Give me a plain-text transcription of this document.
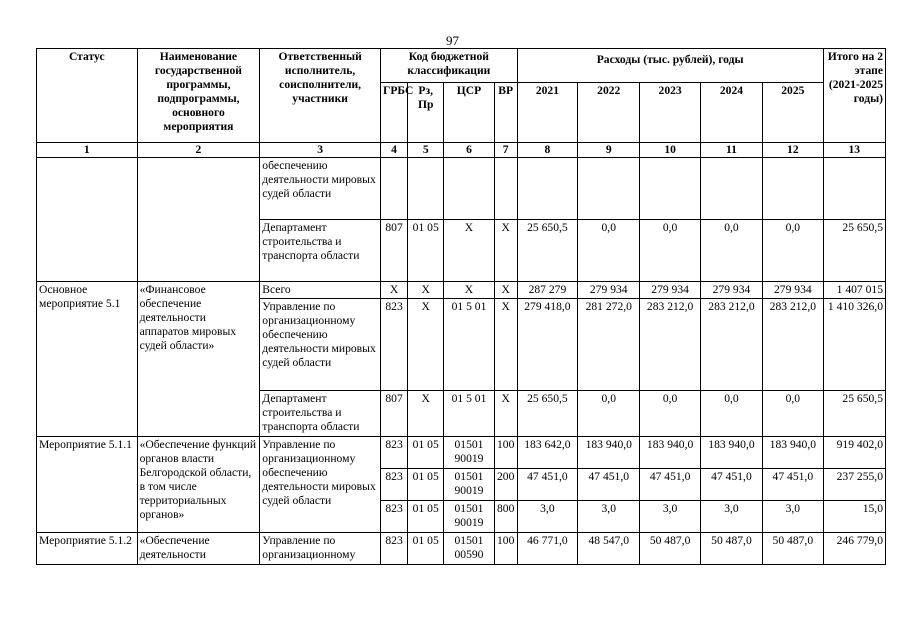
97
Статус	Наименование государственной программы, подпрограммы, основного мероприятия	Ответственный исполнитель, соисполнители, участники	Код бюджетной классификации				Расходы (тыс. рублей), годы					Итого на 2 этапе (2021-2025 годы)
			ГРБС	Рз, Пр	ЦСР	ВР	2021	2022	2023	2024	2025	
1	2	3	4	5	6	7	8	9	10	11	12	13
		обеспечению деятельности мировых судей области										
		Департамент строительства и транспорта области	807	01 05	Х	Х	25 650,5	0,0	0,0	0,0	0,0	25 650,5
Основное мероприятие 5.1	«Финансовое обеспечение деятельности аппаратов мировых судей области»	Всего	Х	Х	Х	Х	287 279	279 934	279 934	279 934	279 934	1 407 015
		Управление по организационному обеспечению деятельности мировых судей области	823	Х	01 5 01	Х	279 418,0	281 272,0	283 212,0	283 212,0	283 212,0	1 410 326,0
		Департамент строительства и транспорта области	807	Х	01 5 01	Х	25 650,5	0,0	0,0	0,0	0,0	25 650,5
Мероприятие 5.1.1	«Обеспечение функций органов власти Белгородской области, в том числе территориальных органов»	Управление по организационному обеспечению деятельности мировых судей области	823	01 05	01501 90019	100	183 642,0	183 940,0	183 940,0	183 940,0	183 940,0	919 402,0
			823	01 05	01501 90019	200	47 451,0	47 451,0	47 451,0	47 451,0	47 451,0	237 255,0
			823	01 05	01501 90019	800	3,0	3,0	3,0	3,0	3,0	15,0
Мероприятие 5.1.2	«Обеспечение деятельности	Управление по организационному	823	01 05	01501 00590	100	46 771,0	48 547,0	50 487,0	50 487,0	50 487,0	246 779,0
